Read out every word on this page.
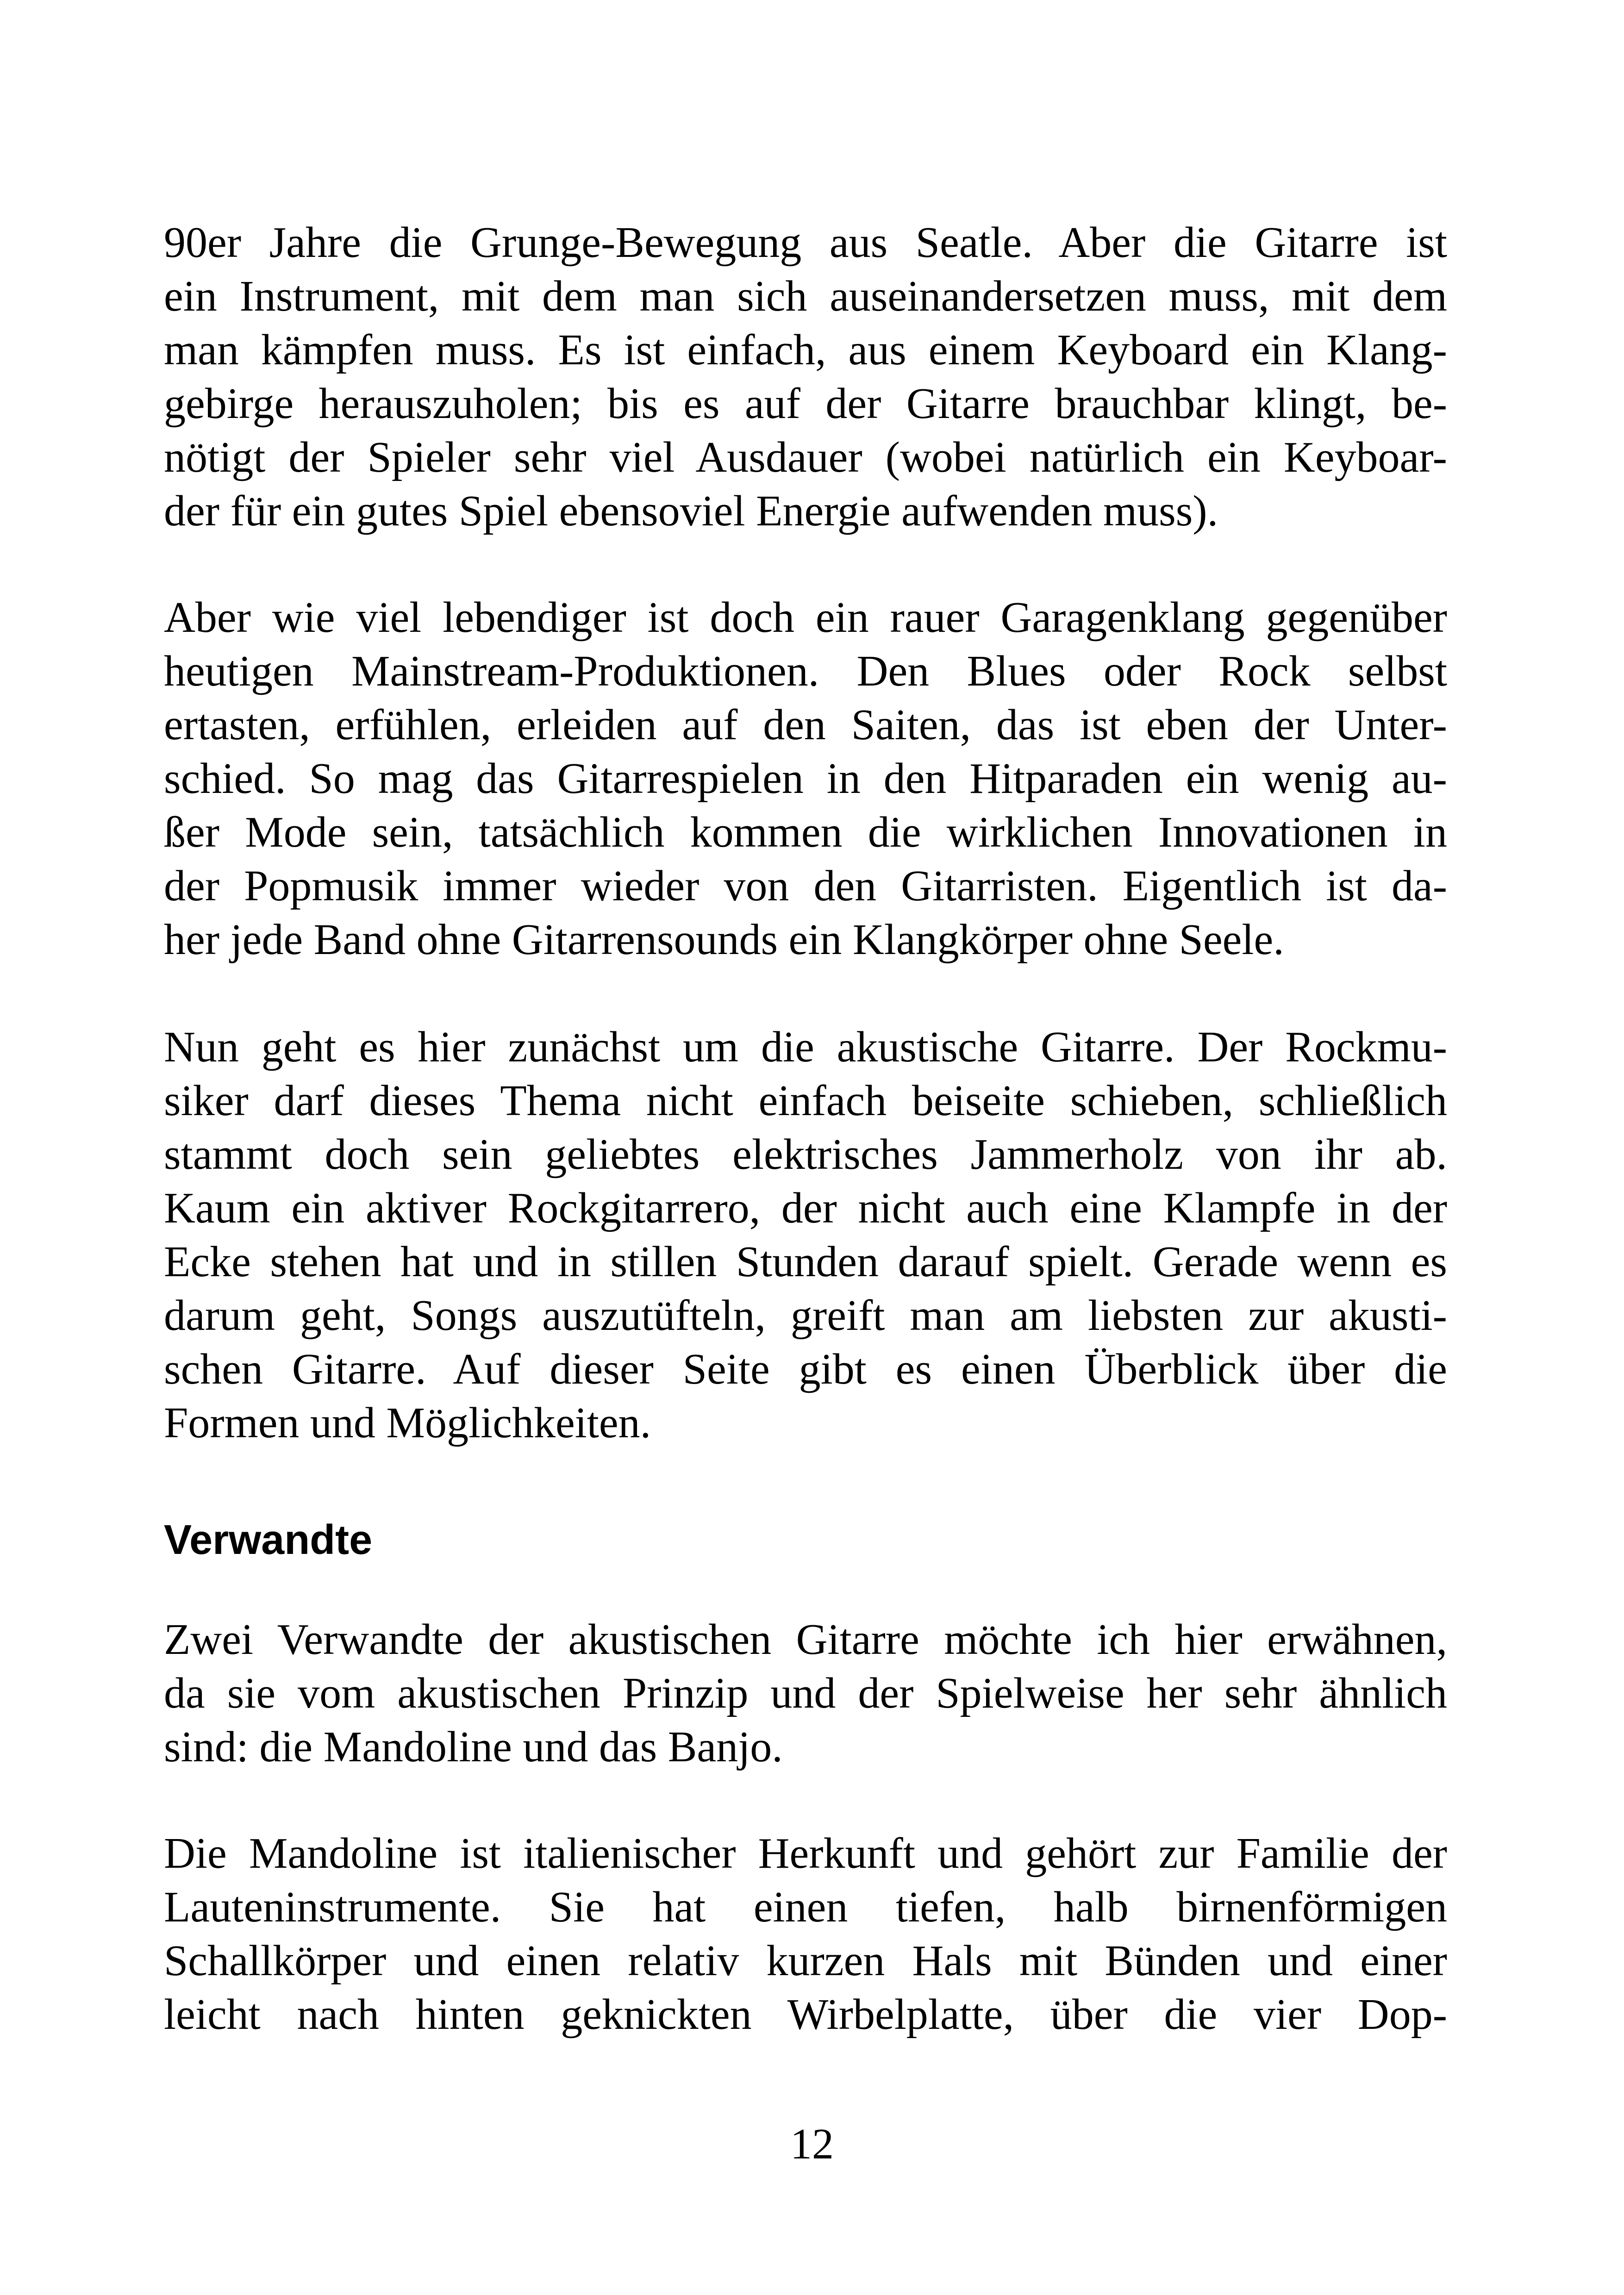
90er Jahre die Grunge-Bewegung aus Seatle. Aber die Gitarre ist
ein Instrument, mit dem man sich auseinandersetzen muss, mit dem
man kämpfen muss. Es ist einfach, aus einem Keyboard ein Klang-
gebirge herauszuholen; bis es auf der Gitarre brauchbar klingt, be-
nötigt der Spieler sehr viel Ausdauer (wobei natürlich ein Keyboar-
der für ein gutes Spiel ebensoviel Energie aufwenden muss).
Aber wie viel lebendiger ist doch ein rauer Garagenklang gegenüber
heutigen Mainstream-Produktionen. Den Blues oder Rock selbst
ertasten, erfühlen, erleiden auf den Saiten, das ist eben der Unter-
schied. So mag das Gitarrespielen in den Hitparaden ein wenig au-
ßer Mode sein, tatsächlich kommen die wirklichen Innovationen in
der Popmusik immer wieder von den Gitarristen. Eigentlich ist da-
her jede Band ohne Gitarrensounds ein Klangkörper ohne Seele.
Nun geht es hier zunächst um die akustische Gitarre. Der Rockmu-
siker darf dieses Thema nicht einfach beiseite schieben, schließlich
stammt doch sein geliebtes elektrisches Jammerholz von ihr ab.
Kaum ein aktiver Rockgitarrero, der nicht auch eine Klampfe in der
Ecke stehen hat und in stillen Stunden darauf spielt. Gerade wenn es
darum geht, Songs auszutüfteln, greift man am liebsten zur akusti-
schen Gitarre. Auf dieser Seite gibt es einen Überblick über die
Formen und Möglichkeiten.
Verwandte
Zwei Verwandte der akustischen Gitarre möchte ich hier erwähnen,
da sie vom akustischen Prinzip und der Spielweise her sehr ähnlich
sind: die Mandoline und das Banjo.
Die Mandoline ist italienischer Herkunft und gehört zur Familie der
Lauteninstrumente. Sie hat einen tiefen, halb birnenförmigen
Schallkörper und einen relativ kurzen Hals mit Bünden und einer
leicht nach hinten geknickten Wirbelplatte, über die vier Dop-
12
